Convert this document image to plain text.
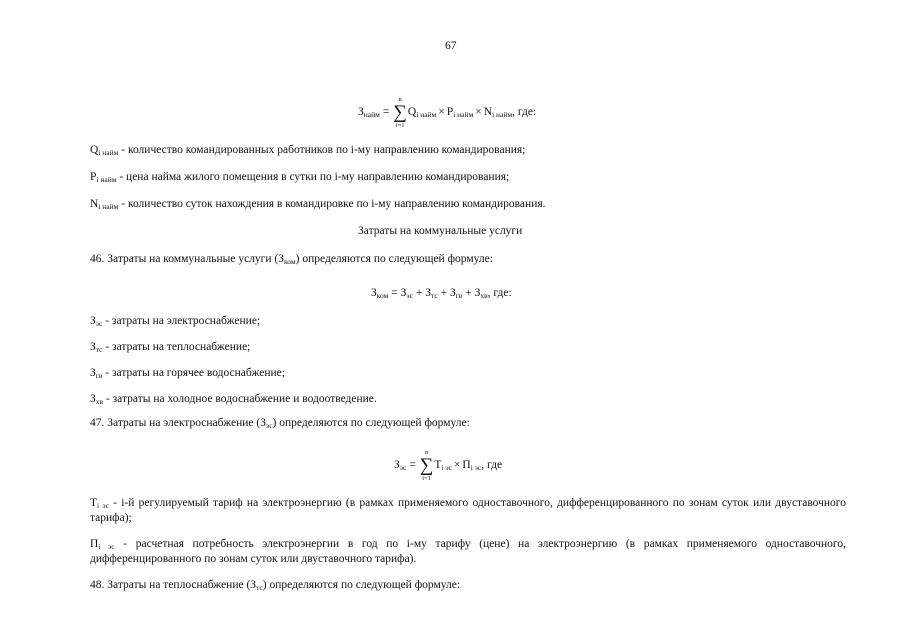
67
$З_{найм}$ =
n
∑
i=1
$Q_{i найм} \times P_{i найм} \times N_{i найм}$ , где:
$Q_{i найм}$ - количество командированных работников по i-му направлению командирования;
$P_{i найм}$ - цена найма жилого помещения в сутки по i-му направлению командирования;
$N_{i найм}$ - количество суток нахождения в командировке по i-му направлению командирования.
Затраты на коммунальные услуги
46. Затраты на коммунальные услуги $(З_{ком})$ определяются по следующей формуле:
$З_{ком} = З_{эс} + З_{тс} + З_{гв} + З_{хв}$, где:
$З_{эс}$ - затраты на электроснабжение;
$З_{тс}$ - затраты на теплоснабжение;
$З_{гв}$ - затраты на горячее водоснабжение;
$З_{хв}$ - затраты на холодное водоснабжение и водоотведение.
47. Затраты на электроснабжение $(З_{эс})$ определяются по следующей формуле:
$З_{эс}$ =
n
∑
i=1
$T_{i эс} \times П_{i эс}$ , где
$T_{i эс} - i-й$ регулируемый тариф на электроэнергию (в рамках применяемого одноставочного, дифференцированного по зонам суток или двуставочного тарифа);
$П_{i эс}$ - расчетная потребность электроэнергии в год по i-му тарифу (цене) на электроэнергию (в рамках применяемого одноставочного, дифференцированного по зонам суток или двуставочного тарифа).
48. Затраты на теплоснабжение $(З_{тс})$ определяются по следующей формуле:
